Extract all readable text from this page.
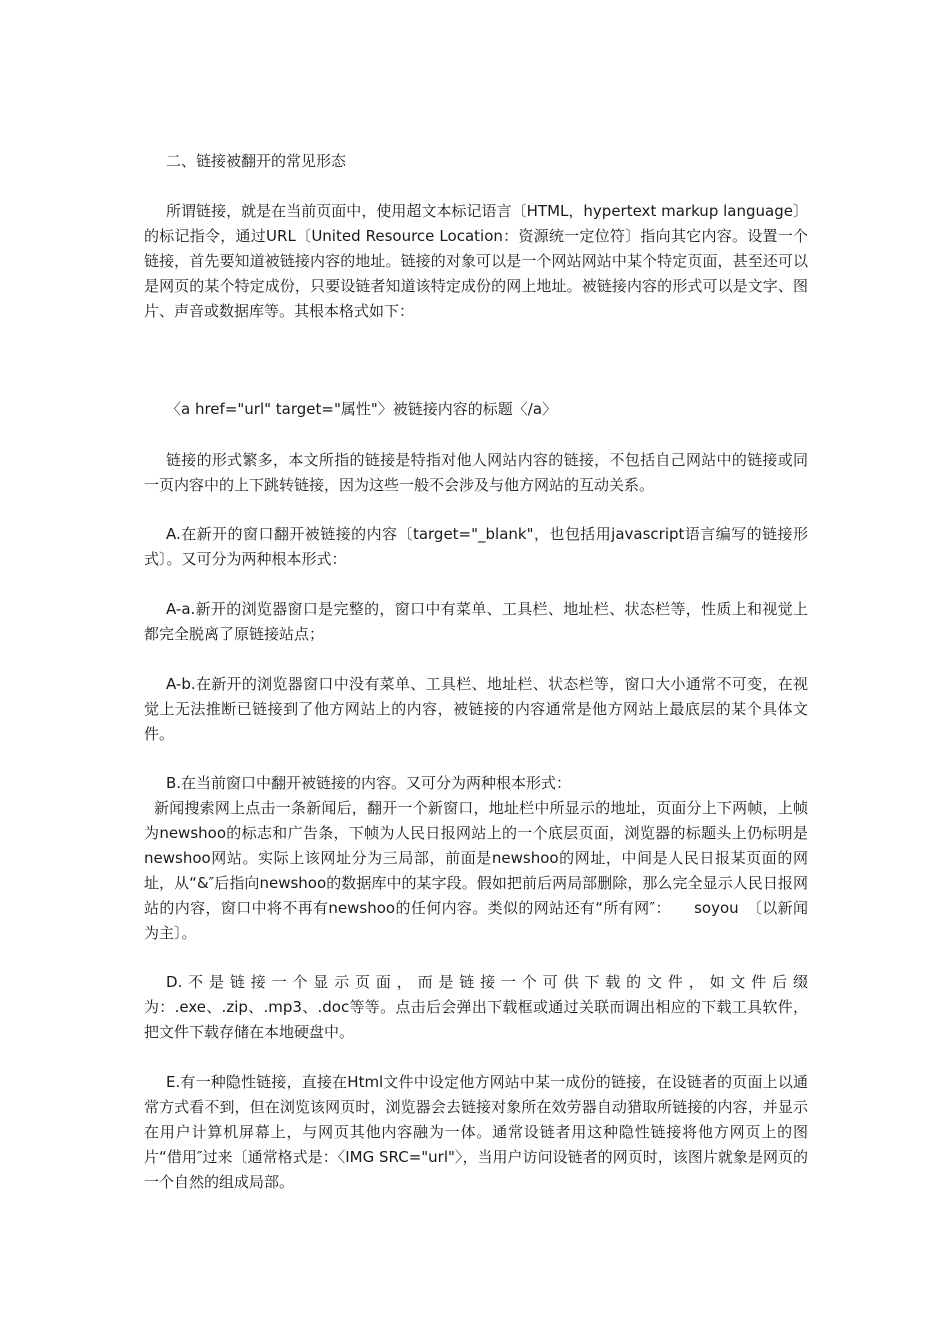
二、链接被翻开的常见形态

所谓链接，就是在当前页面中，使用超文本标记语言〔HTML，hypertext markup language〕的标记指令，通过URL〔United Resource Location：资源统一定位符〕指向其它内容。设置一个链接，首先要知道被链接内容的地址。链接的对象可以是一个网站网站中某个特定页面，甚至还可以是网页的某个特定成份，只要设链者知道该特定成份的网上地址。被链接内容的形式可以是文字、图片、声音或数据库等。其根本格式如下：

〈a href="url" target="属性"〉被链接内容的标题〈/a〉

链接的形式繁多，本文所指的链接是特指对他人网站内容的链接，不包括自己网站中的链接或同一页内容中的上下跳转链接，因为这些一般不会涉及与他方网站的互动关系。

A.在新开的窗口翻开被链接的内容〔target="_blank"，也包括用javascript语言编写的链接形式〕。又可分为两种根本形式：

A-a.新开的浏览器窗口是完整的，窗口中有菜单、工具栏、地址栏、状态栏等，性质上和视觉上都完全脱离了原链接站点；

A-b.在新开的浏览器窗口中没有菜单、工具栏、地址栏、状态栏等，窗口大小通常不可变，在视觉上无法推断已链接到了他方网站上的内容，被链接的内容通常是他方网站上最底层的某个具体文件。

B.在当前窗口中翻开被链接的内容。又可分为两种根本形式：

新闻搜索网上点击一条新闻后，翻开一个新窗口，地址栏中所显示的地址，页面分上下两帧，上帧为newshoo的标志和广告条，下帧为人民日报网站上的一个底层页面，浏览器的标题头上仍标明是newshoo网站。实际上该网址分为三局部，前面是newshoo的网址，中间是人民日报某页面的网址，从“&″后指向newshoo的数据库中的某字段。假如把前后两局部删除，那么完全显示人民日报网站的内容，窗口中将不再有newshoo的任何内容。类似的网站还有“所有网″：　　soyou　〔以新闻为主〕。

D.不是链接一个显示页面，而是链接一个可供下载的文件，如文件后缀为：.exe、.zip、.mp3、.doc等等。点击后会弹出下载框或通过关联而调出相应的下载工具软件，把文件下载存储在本地硬盘中。

E.有一种隐性链接，直接在Html文件中设定他方网站中某一成份的链接，在设链者的页面上以通常方式看不到，但在浏览该网页时，浏览器会去链接对象所在效劳器自动猎取所链接的内容，并显示在用户计算机屏幕上，与网页其他内容融为一体。通常设链者用这种隐性链接将他方网页上的图片“借用″过来〔通常格式是：〈IMG SRC="url"〉，当用户访问设链者的网页时，该图片就象是网页的一个自然的组成局部。
